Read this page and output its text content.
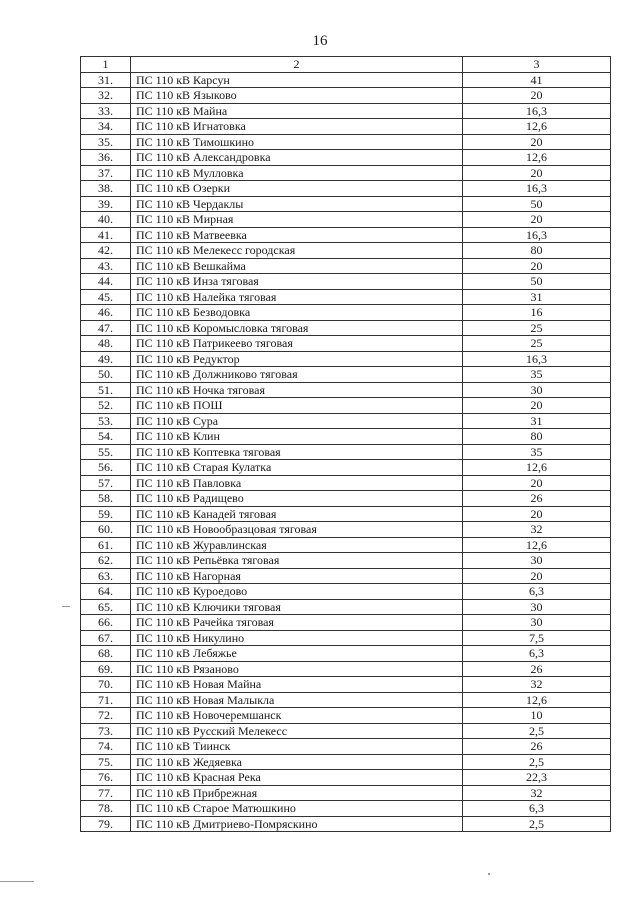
16
1	2	3
31.	ПС 110 кВ Карсун	41
32.	ПС 110 кВ Языково	20
33.	ПС 110 кВ Майна	16,3
34.	ПС 110 кВ Игнатовка	12,6
35.	ПС 110 кВ Тимошкино	20
36.	ПС 110 кВ Александровка	12,6
37.	ПС 110 кВ Мулловка	20
38.	ПС 110 кВ Озерки	16,3
39.	ПС 110 кВ Чердаклы	50
40.	ПС 110 кВ Мирная	20
41.	ПС 110 кВ Матвеевка	16,3
42.	ПС 110 кВ Мелекесс городская	80
43.	ПС 110 кВ Вешкайма	20
44.	ПС 110 кВ Инза тяговая	50
45.	ПС 110 кВ Налейка тяговая	31
46.	ПС 110 кВ Безводовка	16
47.	ПС 110 кВ Коромысловка тяговая	25
48.	ПС 110 кВ Патрикеево тяговая	25
49.	ПС 110 кВ Редуктор	16,3
50.	ПС 110 кВ Должниково тяговая	35
51.	ПС 110 кВ Ночка тяговая	30
52.	ПС 110 кВ ПОШ	20
53.	ПС 110 кВ Сура	31
54.	ПС 110 кВ Клин	80
55.	ПС 110 кВ Коптевка тяговая	35
56.	ПС 110 кВ Старая Кулатка	12,6
57.	ПС 110 кВ Павловка	20
58.	ПС 110 кВ Радищево	26
59.	ПС 110 кВ Канадей тяговая	20
60.	ПС 110 кВ Новообразцовая тяговая	32
61.	ПС 110 кВ Журавлинская	12,6
62.	ПС 110 кВ Репьёвка тяговая	30
63.	ПС 110 кВ Нагорная	20
64.	ПС 110 кВ Куроедово	6,3
65.	ПС 110 кВ Ключики тяговая	30
66.	ПС 110 кВ Рачейка тяговая	30
67.	ПС 110 кВ Никулино	7,5
68.	ПС 110 кВ Лебяжье	6,3
69.	ПС 110 кВ Рязаново	26
70.	ПС 110 кВ Новая Майна	32
71.	ПС 110 кВ Новая Малыкла	12,6
72.	ПС 110 кВ Новочеремшанск	10
73.	ПС 110 кВ Русский Мелекесс	2,5
74.	ПС 110 кВ Тиинск	26
75.	ПС 110 кВ Жедяевка	2,5
76.	ПС 110 кВ Красная Река	22,3
77.	ПС 110 кВ Прибрежная	32
78.	ПС 110 кВ Старое Матюшкино	6,3
79.	ПС 110 кВ Дмитриево-Помряскино	2,5
